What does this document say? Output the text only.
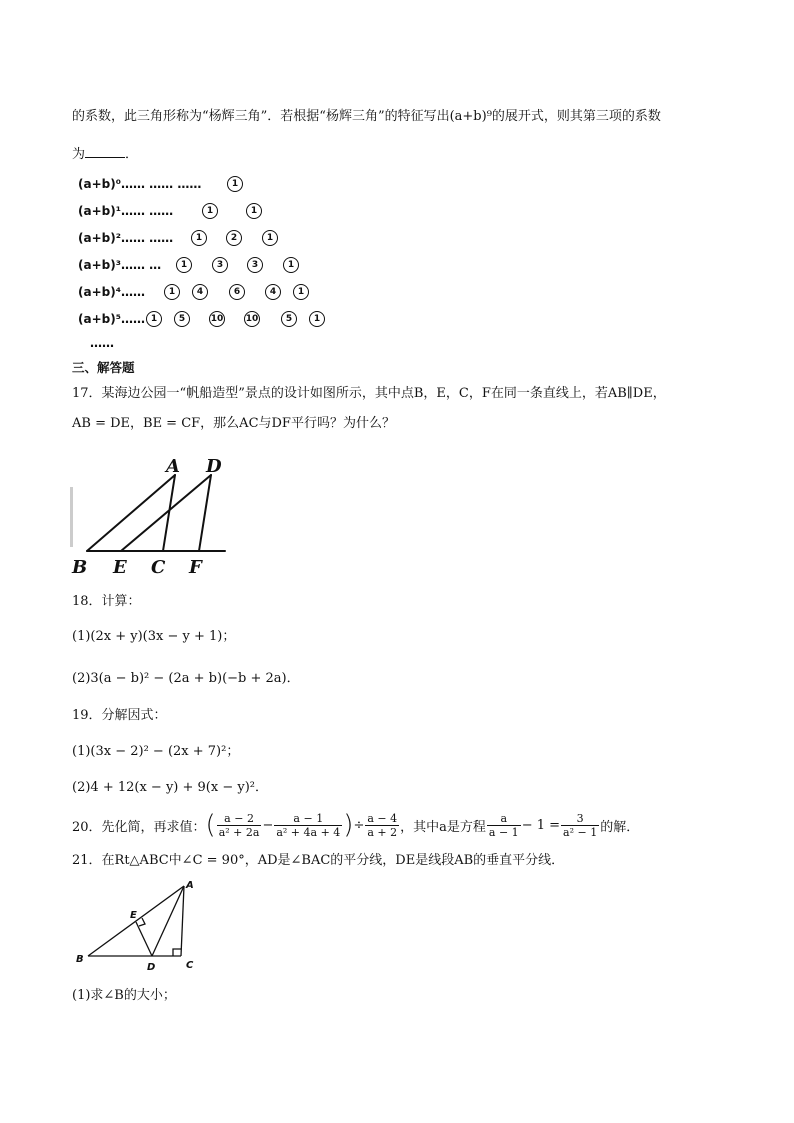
的系数，此三角形称为“杨辉三角”．若根据“杨辉三角”的特征写出(a+b)⁹的展开式，则其第三项的系数
为	．
(a+b)⁰…… …… ……	1
(a+b)¹…… ……	1	1
(a+b)²…… ……	1	2	1
(a+b)³…… …	1	3	3	1
(a+b)⁴……	1	4	6	4	1
(a+b)⁵…… 1	5	10 10	5	1
……
三、解答题
17．某海边公园一“帆船造型”景点的设计如图所示，其中点B，E，C，F在同一条直线上，若AB∥DE，
AB = DE，BE = CF，那么AC与DF平行吗？为什么？
A D
B E C F
18．计算：
(1)(2x + y)(3x − y + 1)；
(2)3(a − b)² − (2a + b)(−b + 2a)．
19．分解因式：
(1)(3x − 2)² − (2x + 7)²；
(2)4 + 12(x − y) + 9(x − y)²．
20．先化简，再求值： ( $\frac{a - 2}{\text{a² + 2a}} - \frac{a - 1}{\text{a² + 4a + 4}}$ ) ÷ $\frac{a - 4}{a + 2}$ ，其中a是方程 $\frac{a}{a - 1} - 1 = \frac{3}{\text{a² − 1}}$ 的解．
21．在Rt△ABC中∠C = 90°，AD是∠BAC的平分线，DE是线段AB的垂直平分线．
A
E
B
D	C
(1)求∠B的大小；
